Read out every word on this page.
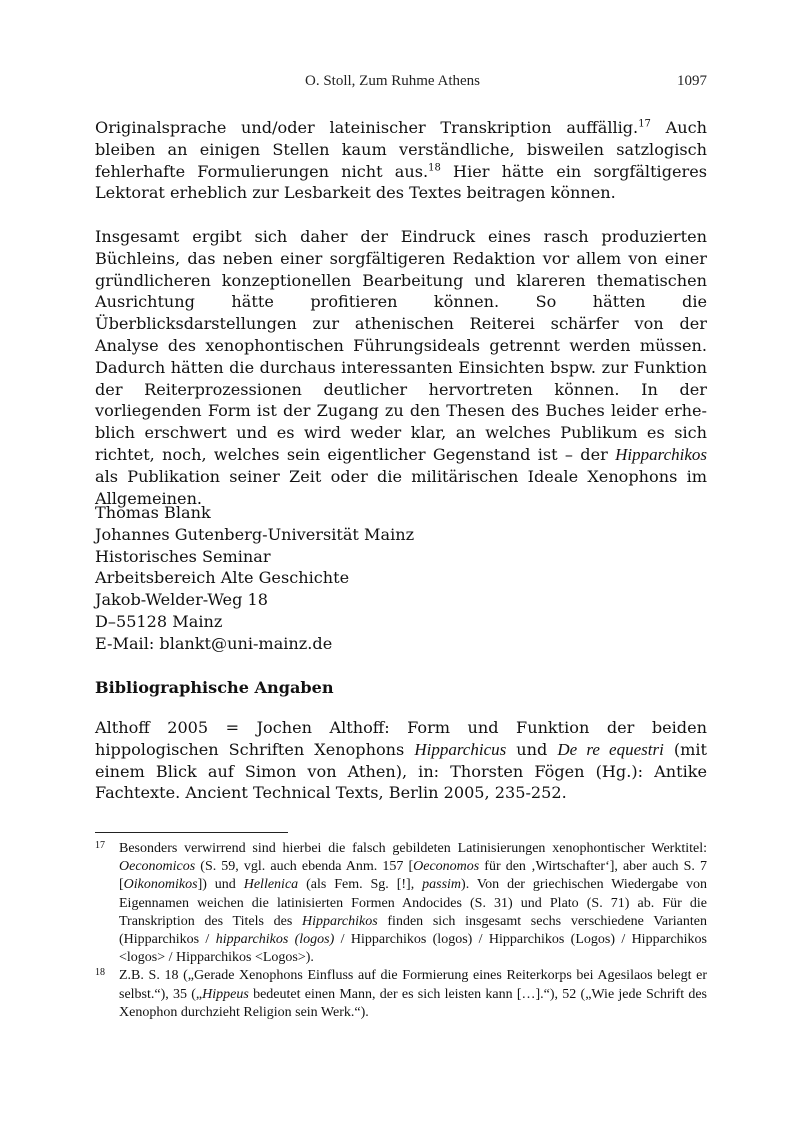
O. Stoll, Zum Ruhme Athens	1097

Originalsprache und/oder lateinischer Transkription auffällig.$^{17}$ Auch bleiben an einigen Stellen kaum verständliche, bisweilen satzlogisch fehlerhafte Formulierungen nicht aus.$^{18}$ Hier hätte ein sorgfältigeres Lektorat erheblich zur Lesbarkeit des Textes beitragen können.

Insgesamt ergibt sich daher der Eindruck eines rasch produzierten Büchleins, das neben einer sorgfältigeren Redaktion vor allem von einer gründlicheren konzeptionellen Bearbeitung und klareren thematischen Ausrichtung hätte profitieren können. So hätten die Überblicksdarstellungen zur athenischen Reiterei schärfer von der Analyse des xenophontischen Führungsideals getrennt werden müssen. Dadurch hätten die durchaus interessanten Einsichten bspw. zur Funktion der Reiterprozessionen deutlicher hervortreten können. In der vorliegenden Form ist der Zugang zu den Thesen des Buches leider erheblich erschwert und es wird weder klar, an welches Publikum es sich richtet, noch, welches sein eigentlicher Gegenstand ist – der Hipparchikos als Publikation seiner Zeit oder die militärischen Ideale Xenophons im Allgemeinen.

Thomas Blank
Johannes Gutenberg-Universität Mainz
Historisches Seminar
Arbeitsbereich Alte Geschichte
Jakob-Welder-Weg 18
D–55128 Mainz
E-Mail: blankt@uni-mainz.de
Bibliographische Angaben

Althoff 2005 = Jochen Althoff: Form und Funktion der beiden hippologischen Schriften Xenophons Hipparchicus und De re equestri (mit einem Blick auf Simon von Athen), in: Thorsten Fögen (Hg.): Antike Fachtexte. Ancient Technical Texts, Berlin 2005, 235-252.

17 Besonders verwirrend sind hierbei die falsch gebildeten Latinisierungen xenophontischer Werktitel: Oeconomicos (S. 59, vgl. auch ebenda Anm. 157 [Oeconomos für den ‚Wirtschafter‘], aber auch S. 7 [Oikonomikos]) und Hellenica (als Fem. Sg. [!], passim). Von der griechischen Wiedergabe von Eigennamen weichen die latinisierten Formen Andocides (S. 31) und Plato (S. 71) ab. Für die Transkription des Titels des Hipparchikos finden sich insgesamt sechs verschiedene Varianten (Hipparchikos / hipparchikos (logos) / Hipparchikos (logos) / Hipparchikos (Logos) / Hipparchikos <logos> / Hipparchikos <Logos>).
18 Z.B. S. 18 („Gerade Xenophons Einfluss auf die Formierung eines Reiterkorps bei Agesilaos belegt er selbst.“), 35 („Hippeus bedeutet einen Mann, der es sich leisten kann […].“), 52 („Wie jede Schrift des Xenophon durchzieht Religion sein Werk.“).
